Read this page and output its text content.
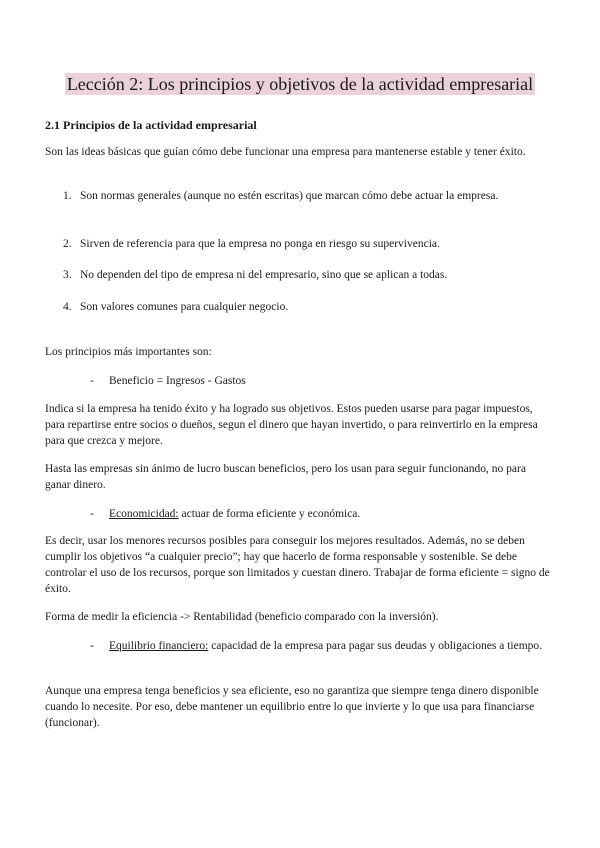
Lección 2: Los principios y objetivos de la actividad empresarial
2.1 Principios de la actividad empresarial
Son las ideas básicas que guían cómo debe funcionar una empresa para mantenerse estable y tener éxito.
1. Son normas generales (aunque no estén escritas) que marcan cómo debe actuar la empresa.
2. Sirven de referencia para que la empresa no ponga en riesgo su supervivencia.
3. No dependen del tipo de empresa ni del empresario, sino que se aplican a todas.
4. Son valores comunes para cualquier negocio.
Los principios más importantes son:
- Beneficio = Ingresos - Gastos
Indica si la empresa ha tenido éxito y ha logrado sus objetivos. Estos pueden usarse para pagar impuestos, para repartirse entre socios o dueños, segun el dinero que hayan invertido, o para reinvertirlo en la empresa para que crezca y mejore.
Hasta las empresas sin ánimo de lucro buscan beneficios, pero los usan para seguir funcionando, no para ganar dinero.
- Economicidad: actuar de forma eficiente y económica.
Es decir, usar los menores recursos posibles para conseguir los mejores resultados. Además, no se deben cumplir los objetivos “a cualquier precio”; hay que hacerlo de forma responsable y sostenible. Se debe controlar el uso de los recursos, porque son limitados y cuestan dinero. Trabajar de forma eficiente = signo de éxito.
Forma de medir la eficiencia -> Rentabilidad (beneficio comparado con la inversión).
- Equilibrio financiero: capacidad de la empresa para pagar sus deudas y obligaciones a tiempo.
Aunque una empresa tenga beneficios y sea eficiente, eso no garantiza que siempre tenga dinero disponible cuando lo necesite. Por eso, debe mantener un equilibrio entre lo que invierte y lo que usa para financiarse (funcionar).
